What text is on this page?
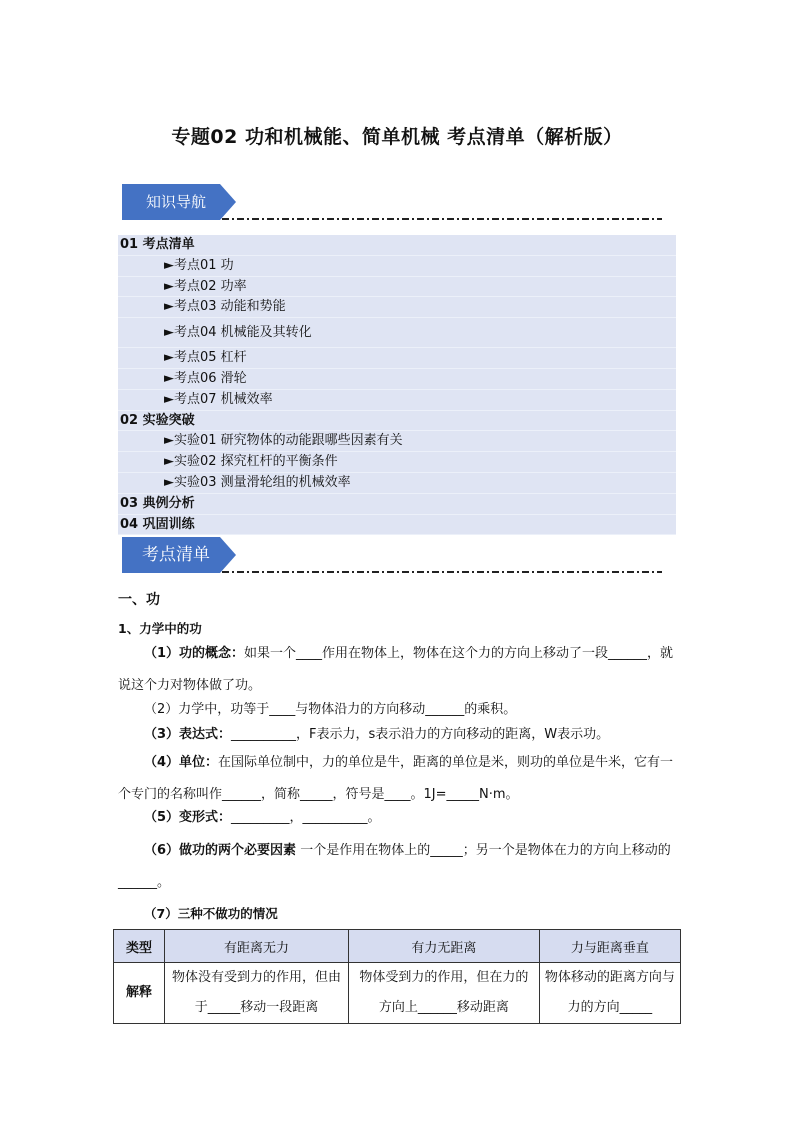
专题02 功和机械能、简单机械 考点清单（解析版）
知识导航
01 考点清单
►考点01 功
►考点02 功率
►考点03 动能和势能
►考点04 机械能及其转化
►考点05 杠杆
►考点06 滑轮
►考点07 机械效率
02 实验突破
►实验01 研究物体的动能跟哪些因素有关
►实验02 探究杠杆的平衡条件
►实验03 测量滑轮组的机械效率
03 典例分析
04 巩固训练
考点清单
一、功
1、力学中的功
（1）功的概念：如果一个____作用在物体上，物体在这个力的方向上移动了一段______，就说这个力对物体做了功。
（2）力学中，功等于____与物体沿力的方向移动______的乘积。
（3）表达式：__________，F表示力，s表示沿力的方向移动的距离，W表示功。
（4）单位：在国际单位制中，力的单位是牛，距离的单位是米，则功的单位是牛米，它有一个专门的名称叫作______，简称_____，符号是____。1J=_____N·m。
（5）变形式：_________，__________。
（6）做功的两个必要因素 一个是作用在物体上的_____；另一个是物体在力的方向上移动的______。
（7）三种不做功的情况
类型	有距离无力	有力无距离	力与距离垂直
解释	物体没有受到力的作用，但由于_____移动一段距离	物体受到力的作用，但在力的方向上______移动距离	物体移动的距离方向与力的方向_____
